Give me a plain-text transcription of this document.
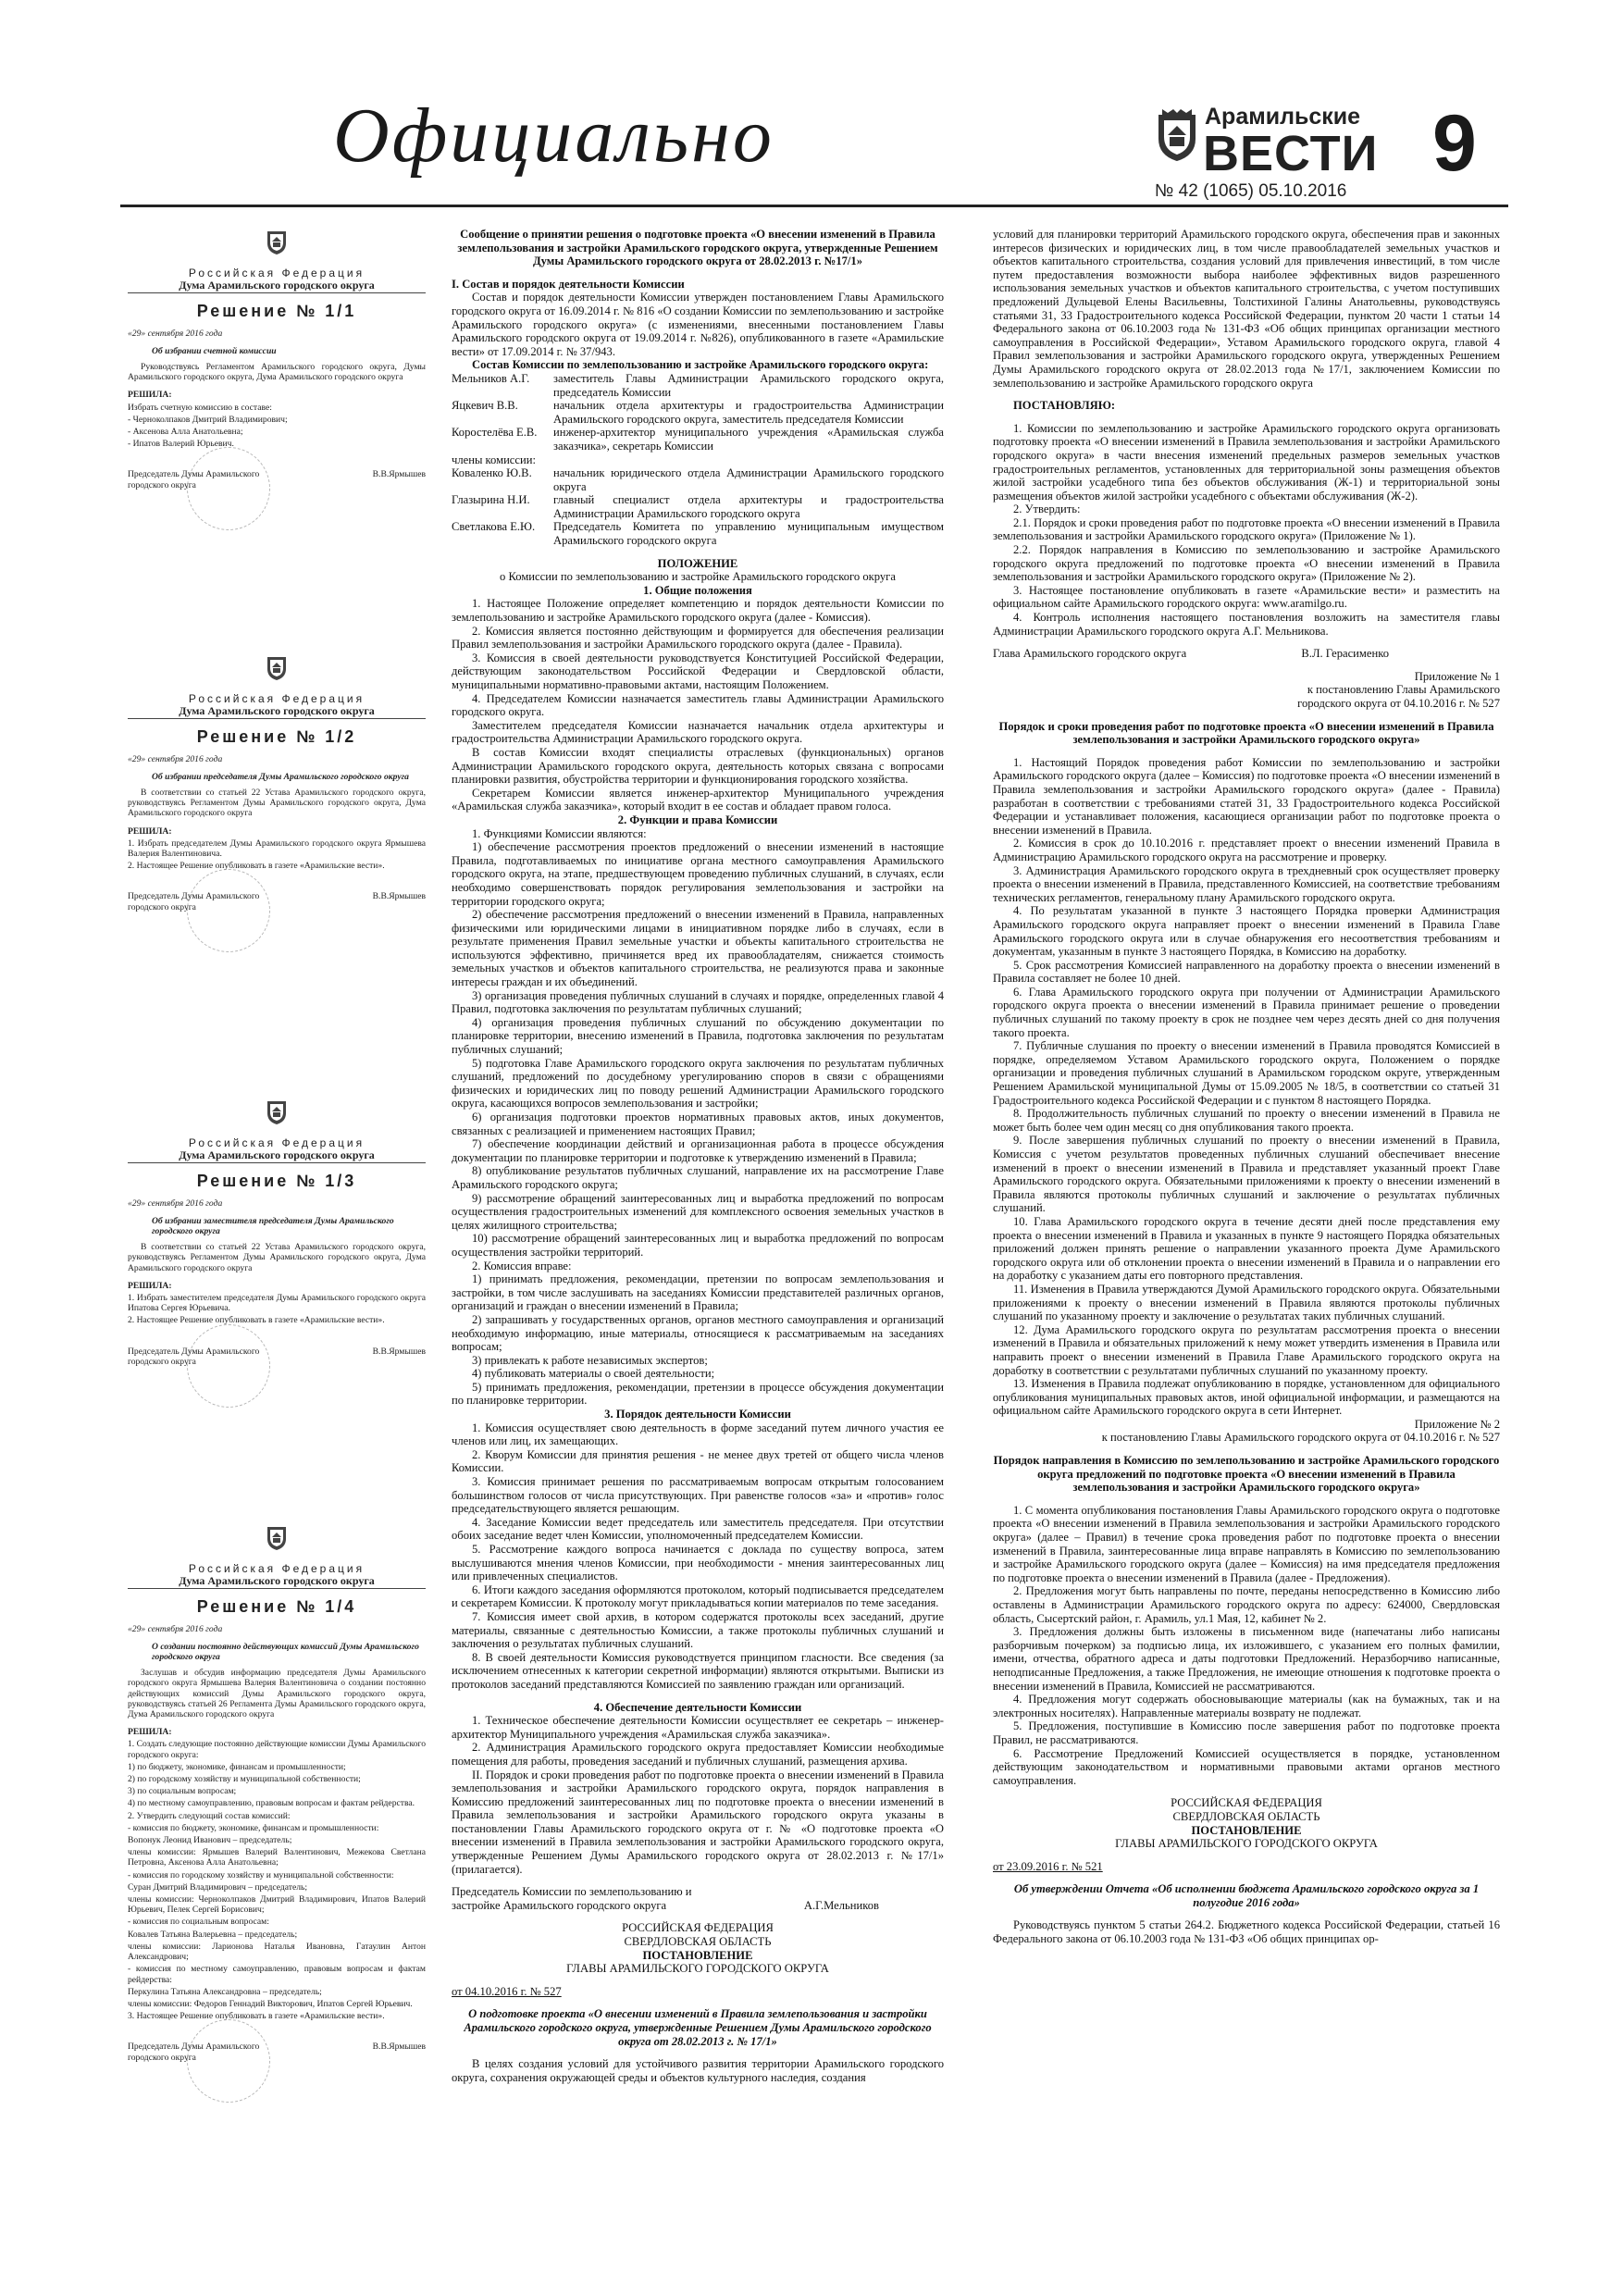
Официально	Арамильские
ВЕСТИ 9
№ 42 (1065) 05.10.2016
Российская Федерация
Дума Арамильского городского округа
Решение № 1/1
«29» сентября 2016 года
Об избрании счетной комиссии

Руководствуясь Регламентом Арамильского городского округа, Думы Арамильского городского округа, Дума Арамильского городского округа

РЕШИЛА:

Избрать счетную комиссию в составе:

- Черноколпаков Дмитрий Владимирович;

- Аксенова Алла Анатольевна;

- Ипатов Валерий Юрьевич.

Председатель Думы Арамильского городского округа
В.В.Ярмышев
Российская Федерация
Дума Арамильского городского округа
Решение № 1/2
«29» сентября 2016 года
Об избрании председателя Думы Арамильского городского округа

В соответствии со статьей 22 Устава Арамильского городского округа, руководствуясь Регламентом Думы Арамильского городского округа, Дума Арамильского городского округа

РЕШИЛА:

1. Избрать председателем Думы Арамильского городского округа Ярмышева Валерия Валентиновича.

2. Настоящее Решение опубликовать в газете «Арамильские вести».

Председатель Думы Арамильского городского округа
В.В.Ярмышев
Российская Федерация
Дума Арамильского городского округа
Решение № 1/3
«29» сентября 2016 года
Об избрании заместителя председателя Думы Арамильского городского округа

В соответствии со статьей 22 Устава Арамильского городского округа, руководствуясь Регламентом Думы Арамильского городского округа, Дума Арамильского городского округа

РЕШИЛА:

1. Избрать заместителем председателя Думы Арамильского городского округа Ипатова Сергея Юрьевича.

2. Настоящее Решение опубликовать в газете «Арамильские вести».

Председатель Думы Арамильского городского округа
В.В.Ярмышев
Российская Федерация
Дума Арамильского городского округа
Решение № 1/4
«29» сентября 2016 года
О создании постоянно действующих комиссий Думы Арамильского городского округа

Заслушав и обсудив информацию председателя Думы Арамильского городского округа Ярмышева Валерия Валентиновича о создании постоянно действующих комиссий Думы Арамильского городского округа, руководствуясь статьей 26 Регламента Думы Арамильского городского округа, Дума Арамильского городского округа

РЕШИЛА:

1. Создать следующие постоянно действующие комиссии Думы Арамильского городского округа:

1) по бюджету, экономике, финансам и промышленности;

2) по городскому хозяйству и муниципальной собственности;

3) по социальным вопросам;

4) по местному самоуправлению, правовым вопросам и фактам рейдерства.

2. Утвердить следующий состав комиссий:

- комиссия по бюджету, экономике, финансам и промышленности:

Вопонук Леонид Иванович – председатель;

члены комиссии: Ярмышев Валерий Валентинович, Межекова Светлана Петровна, Аксенова Алла Анатольевна;

- комиссия по городскому хозяйству и муниципальной собственности:

Суран Дмитрий Владимирович – председатель;

члены комиссии: Черноколпаков Дмитрий Владимирович, Ипатов Валерий Юрьевич, Пелек Сергей Борисович;

- комиссия по социальным вопросам:

Ковалев Татьяна Валерьевна – председатель;

члены комиссии: Ларионова Наталья Ивановна, Гатаулин Антон Александрович;

- комиссия по местному самоуправлению, правовым вопросам и фактам рейдерства:

Перкулина Татьяна Александровна – председатель;

члены комиссии: Федоров Геннадий Викторович, Ипатов Сергей Юрьевич.

3. Настоящее Решение опубликовать в газете «Арамильские вести».

Председатель Думы Арамильского городского округа
В.В.Ярмышев

Сообщение о принятии решения о подготовке проекта «О внесении изменений в Правила землепользования и застройки Арамильского городского округа, утвержденные Решением Думы Арамильского городского округа от 28.02.2013 г. №17/1»

I. Состав и порядок деятельности Комиссии

Состав и порядок деятельности Комиссии утвержден постановлением Главы Арамильского городского округа от 16.09.2014 г. № 816 «О создании Комиссии по землепользованию и застройке Арамильского городского округа» (с изменениями, внесенными постановлением Главы Арамильского городского округа от 19.09.2014 г. №826), опубликованного в газете «Арамильские вести» от 17.09.2014 г. № 37/943.

Состав Комиссии по землепользованию и застройке Арамильского городского округа:

Мельников А.Г.	заместитель Главы Администрации Арамильского городского округа, председатель Комиссии
Яцкевич В.В.	начальник отдела архитектуры и градостроительства Администрации Арамильского городского округа, заместитель председателя Комиссии
Коростелёва Е.В.	инженер-архитектор муниципального учреждения «Арамильская служба заказчика», секретарь Комиссии
члены комиссии:
Коваленко Ю.В.	начальник юридического отдела Администрации Арамильского городского округа
Глазырина Н.И.	главный специалист отдела архитектуры и градостроительства Администрации Арамильского городского округа
Светлакова Е.Ю.	Председатель Комитета по управлению муниципальным имуществом Арамильского городского округа

ПОЛОЖЕНИЕ

о Комиссии по землепользованию и застройке Арамильского городского округа

1. Общие положения

1. Настоящее Положение определяет компетенцию и порядок деятельности Комиссии по землепользованию и застройке Арамильского городского округа (далее - Комиссия).

2. Комиссия является постоянно действующим и формируется для обеспечения реализации Правил землепользования и застройки Арамильского городского округа (далее - Правила).

3. Комиссия в своей деятельности руководствуется Конституцией Российской Федерации, действующим законодательством Российской Федерации и Свердловской области, муниципальными нормативно-правовыми актами, настоящим Положением.

4. Председателем Комиссии назначается заместитель главы Администрации Арамильского городского округа.

Заместителем председателя Комиссии назначается начальник отдела архитектуры и градостроительства Администрации Арамильского городского округа.

В состав Комиссии входят специалисты отраслевых (функциональных) органов Администрации Арамильского городского округа, деятельность которых связана с вопросами планировки развития, обустройства территории и функционирования городского хозяйства.

Секретарем Комиссии является инженер-архитектор Муниципального учреждения «Арамильская служба заказчика», который входит в ее состав и обладает правом голоса.

2. Функции и права Комиссии

1. Функциями Комиссии являются:

1) обеспечение рассмотрения проектов предложений о внесении изменений в настоящие Правила, подготавливаемых по инициативе органа местного самоуправления Арамильского городского округа, на этапе, предшествующем проведению публичных слушаний, в случаях, если необходимо совершенствовать порядок регулирования землепользования и застройки на территории городского округа;

2) обеспечение рассмотрения предложений о внесении изменений в Правила, направленных физическими или юридическими лицами в инициативном порядке либо в случаях, если в результате применения Правил земельные участки и объекты капитального строительства не используются эффективно, причиняется вред их правообладателям, снижается стоимость земельных участков и объектов капитального строительства, не реализуются права и законные интересы граждан и их объединений.

3) организация проведения публичных слушаний в случаях и порядке, определенных главой 4 Правил, подготовка заключения по результатам публичных слушаний;

4) организация проведения публичных слушаний по обсуждению документации по планировке территории, внесению изменений в Правила, подготовка заключения по результатам публичных слушаний;

5) подготовка Главе Арамильского городского округа заключения по результатам публичных слушаний, предложений по досудебному урегулированию споров в связи с обращениями физических и юридических лиц по поводу решений Администрации Арамильского городского округа, касающихся вопросов землепользования и застройки;

6) организация подготовки проектов нормативных правовых актов, иных документов, связанных с реализацией и применением настоящих Правил;

7) обеспечение координации действий и организационная работа в процессе обсуждения документации по планировке территории и подготовке к утверждению изменений в Правила;

8) опубликование результатов публичных слушаний, направление их на рассмотрение Главе Арамильского городского округа;

9) рассмотрение обращений заинтересованных лиц и выработка предложений по вопросам осуществления градостроительных изменений для комплексного освоения земельных участков в целях жилищного строительства;

10) рассмотрение обращений заинтересованных лиц и выработка предложений по вопросам осуществления застройки территорий.

2. Комиссия вправе:

1) принимать предложения, рекомендации, претензии по вопросам землепользования и застройки, в том числе заслушивать на заседаниях Комиссии представителей различных органов, организаций и граждан о внесении изменений в Правила;

2) запрашивать у государственных органов, органов местного самоуправления и организаций необходимую информацию, иные материалы, относящиеся к рассматриваемым на заседаниях вопросам;

3) привлекать к работе независимых экспертов;

4) публиковать материалы о своей деятельности;

5) принимать предложения, рекомендации, претензии в процессе обсуждения документации по планировке территории.

3. Порядок деятельности Комиссии

1. Комиссия осуществляет свою деятельность в форме заседаний путем личного участия ее членов или лиц, их замещающих.

2. Кворум Комиссии для принятия решения - не менее двух третей от общего числа членов Комиссии.

3. Комиссия принимает решения по рассматриваемым вопросам открытым голосованием большинством голосов от числа присутствующих. При равенстве голосов «за» и «против» голос председательствующего является решающим.

4. Заседание Комиссии ведет председатель или заместитель председателя. При отсутствии обоих заседание ведет член Комиссии, уполномоченный председателем Комиссии.

5. Рассмотрение каждого вопроса начинается с доклада по существу вопроса, затем выслушиваются мнения членов Комиссии, при необходимости - мнения заинтересованных лиц или привлеченных специалистов.

6. Итоги каждого заседания оформляются протоколом, который подписывается председателем и секретарем Комиссии. К протоколу могут прикладываться копии материалов по теме заседания.

7. Комиссия имеет свой архив, в котором содержатся протоколы всех заседаний, другие материалы, связанные с деятельностью Комиссии, а также протоколы публичных слушаний и заключения о результатах публичных слушаний.

8. В своей деятельности Комиссия руководствуется принципом гласности. Все сведения (за исключением отнесенных к категории секретной информации) являются открытыми. Выписки из протоколов заседаний представляются Комиссией по заявлению граждан или организаций.

4. Обеспечение деятельности Комиссии

1. Техническое обеспечение деятельности Комиссии осуществляет ее секретарь – инженер-архитектор Муниципального учреждения «Арамильская служба заказчика».

2. Администрация Арамильского городского округа предоставляет Комиссии необходимые помещения для работы, проведения заседаний и публичных слушаний, размещения архива.

II. Порядок и сроки проведения работ по подготовке проекта о внесении изменений в Правила землепользования и застройки Арамильского городского округа, порядок направления в Комиссию предложений заинтересованных лиц по подготовке проекта о внесении изменений в Правила землепользования и застройки Арамильского городского округа указаны в постановлении Главы Арамильского городского округа от г. № «О подготовке проекта «О внесении изменений в Правила землепользования и застройки Арамильского городского округа, утвержденные Решением Думы Арамильского городского округа от 28.02.2013 г. №17/1» (прилагается).

Председатель Комиссии по землепользованию и застройке Арамильского городского округа	А.Г.Мельников

РОССИЙСКАЯ ФЕДЕРАЦИЯ

СВЕРДЛОВСКАЯ ОБЛАСТЬ

ПОСТАНОВЛЕНИЕ

ГЛАВЫ АРАМИЛЬСКОГО ГОРОДСКОГО ОКРУГА

от 04.10.2016 г. № 527

О подготовке проекта «О внесении изменений в Правила землепользования и застройки Арамильского городского округа, утвержденные Решением Думы Арамильского городского округа от 28.02.2013 г. № 17/1»

В целях создания условий для устойчивого развития территории Арамильского городского округа, сохранения окружающей среды и объектов культурного наследия, создания

условий для планировки территорий Арамильского городского округа, обеспечения прав и законных интересов физических и юридических лиц, в том числе правообладателей земельных участков и объектов капитального строительства, создания условий для привлечения инвестиций, в том числе путем предоставления возможности выбора наиболее эффективных видов разрешенного использования земельных участков и объектов капитального строительства, с учетом поступивших предложений Дульцевой Елены Васильевны, Толстихиной Галины Анатольевны, руководствуясь статьями 31, 33 Градостроительного кодекса Российской Федерации, пунктом 20 части 1 статьи 14 Федерального закона от 06.10.2003 года № 131-ФЗ «Об общих принципах организации местного самоуправления в Российской Федерации», Уставом Арамильского городского округа, главой 4 Правил землепользования и застройки Арамильского городского округа, утвержденных Решением Думы Арамильского городского округа от 28.02.2013 года №17/1, заключением Комиссии по землепользованию и застройке Арамильского городского округа

ПОСТАНОВЛЯЮ:

1. Комиссии по землепользованию и застройке Арамильского городского округа организовать подготовку проекта «О внесении изменений в Правила землепользования и застройки Арамильского городского округа» в части внесения изменений предельных размеров земельных участков градостроительных регламентов, установленных для территориальной зоны размещения объектов жилой застройки усадебного типа без объектов обслуживания (Ж-1) и территориальной зоны размещения объектов жилой застройки усадебного с объектами обслуживания (Ж-2).

2. Утвердить:

2.1. Порядок и сроки проведения работ по подготовке проекта «О внесении изменений в Правила землепользования и застройки Арамильского городского округа» (Приложение № 1).

2.2. Порядок направления в Комиссию по землепользованию и застройке Арамильского городского округа предложений по подготовке проекта «О внесении изменений в Правила землепользования и застройки Арамильского городского округа» (Приложение № 2).

3. Настоящее постановление опубликовать в газете «Арамильские вести» и разместить на официальном сайте Арамильского городского округа: www.aramilgo.ru.

4. Контроль исполнения настоящего постановления возложить на заместителя главы Администрации Арамильского городского округа А.Г. Мельникова.

Глава Арамильского городского округа	В.Л. Герасименко

Приложение № 1

к постановлению Главы Арамильского

городского округа от 04.10.2016 г. № 527

Порядок и сроки проведения работ по подготовке проекта «О внесении изменений в Правила землепользования и застройки Арамильского городского округа»

1. Настоящий Порядок проведения работ Комиссии по землепользованию и застройки Арамильского городского округа (далее – Комиссия) по подготовке проекта «О внесении изменений в Правила землепользования и застройки Арамильского городского округа» (далее - Правила) разработан в соответствии с требованиями статей 31, 33 Градостроительного кодекса Российской Федерации и устанавливает положения, касающиеся организации работ по подготовке проекта о внесении изменений в Правила.

2. Комиссия в срок до 10.10.2016 г. представляет проект о внесении изменений Правила в Администрацию Арамильского городского округа на рассмотрение и проверку.

3. Администрация Арамильского городского округа в трехдневный срок осуществляет проверку проекта о внесении изменений в Правила, представленного Комиссией, на соответствие требованиям технических регламентов, генеральному плану Арамильского городского округа.

4. По результатам указанной в пункте 3 настоящего Порядка проверки Администрация Арамильского городского округа направляет проект о внесении изменений в Правила Главе Арамильского городского округа или в случае обнаружения его несоответствия требованиям и документам, указанным в пункте 3 настоящего Порядка, в Комиссию на доработку.

5. Срок рассмотрения Комиссией направленного на доработку проекта о внесении изменений в Правила составляет не более 10 дней.

6. Глава Арамильского городского округа при получении от Администрации Арамильского городского округа проекта о внесении изменений в Правила принимает решение о проведении публичных слушаний по такому проекту в срок не позднее чем через десять дней со дня получения такого проекта.

7. Публичные слушания по проекту о внесении изменений в Правила проводятся Комиссией в порядке, определяемом Уставом Арамильского городского округа, Положением о порядке организации и проведения публичных слушаний в Арамильском городском округе, утвержденным Решением Арамильской муниципальной Думы от 15.09.2005 № 18/5, в соответствии со статьей 31 Градостроительного кодекса Российской Федерации и с пунктом 8 настоящего Порядка.

8. Продолжительность публичных слушаний по проекту о внесении изменений в Правила не может быть более чем один месяц со дня опубликования такого проекта.

9. После завершения публичных слушаний по проекту о внесении изменений в Правила, Комиссия с учетом результатов проведенных публичных слушаний обеспечивает внесение изменений в проект о внесении изменений в Правила и представляет указанный проект Главе Арамильского городского округа. Обязательными приложениями к проекту о внесении изменений в Правила являются протоколы публичных слушаний и заключение о результатах публичных слушаний.

10. Глава Арамильского городского округа в течение десяти дней после представления ему проекта о внесении изменений в Правила и указанных в пункте 9 настоящего Порядка обязательных приложений должен принять решение о направлении указанного проекта Думе Арамильского городского округа или об отклонении проекта о внесении изменений в Правила и о направлении его на доработку с указанием даты его повторного представления.

11. Изменения в Правила утверждаются Думой Арамильского городского округа. Обязательными приложениями к проекту о внесении изменений в Правила являются протоколы публичных слушаний по указанному проекту и заключение о результатах таких публичных слушаний.

12. Дума Арамильского городского округа по результатам рассмотрения проекта о внесении изменений в Правила и обязательных приложений к нему может утвердить изменения в Правила или направить проект о внесении изменений в Правила Главе Арамильского городского округа на доработку в соответствии с результатами публичных слушаний по указанному проекту.

13. Изменения в Правила подлежат опубликованию в порядке, установленном для официального опубликования муниципальных правовых актов, иной официальной информации, и размещаются на официальном сайте Арамильского городского округа в сети Интернет.

Приложение № 2

к постановлению Главы Арамильского городского округа от 04.10.2016 г. № 527

Порядок направления в Комиссию по землепользованию и застройке Арамильского городского округа предложений по подготовке проекта «О внесении изменений в Правила землепользования и застройки Арамильского городского округа»

1. С момента опубликования постановления Главы Арамильского городского округа о подготовке проекта «О внесении изменений в Правила землепользования и застройки Арамильского городского округа» (далее – Правил) в течение срока проведения работ по подготовке проекта о внесении изменений в Правила, заинтересованные лица вправе направлять в Комиссию по землепользованию и застройке Арамильского городского округа (далее – Комиссия) на имя председателя предложения по подготовке проекта о внесении изменений в Правила (далее - Предложения).

2. Предложения могут быть направлены по почте, переданы непосредственно в Комиссию либо оставлены в Администрации Арамильского городского округа по адресу: 624000, Свердловская область, Сысертский район, г. Арамиль, ул.1 Мая, 12, кабинет № 2.

3. Предложения должны быть изложены в письменном виде (напечатаны либо написаны разборчивым почерком) за подписью лица, их изложившего, с указанием его полных фамилии, имени, отчества, обратного адреса и даты подготовки Предложений. Неразборчиво написанные, неподписанные Предложения, а также Предложения, не имеющие отношения к подготовке проекта о внесении изменений в Правила, Комиссией не рассматриваются.

4. Предложения могут содержать обосновывающие материалы (как на бумажных, так и на электронных носителях). Направленные материалы возврату не подлежат.

5. Предложения, поступившие в Комиссию после завершения работ по подготовке проекта Правил, не рассматриваются.

6. Рассмотрение Предложений Комиссией осуществляется в порядке, установленном действующим законодательством и нормативными правовыми актами органов местного самоуправления.

РОССИЙСКАЯ ФЕДЕРАЦИЯ

СВЕРДЛОВСКАЯ ОБЛАСТЬ

ПОСТАНОВЛЕНИЕ

ГЛАВЫ АРАМИЛЬСКОГО ГОРОДСКОГО ОКРУГА

от 23.09.2016 г. № 521

Об утверждении Отчета «Об исполнении бюджета Арамильского городского округа за 1 полугодие 2016 года»

Руководствуясь пунктом 5 статьи 264.2. Бюджетного кодекса Российской Федерации, статьей 16 Федерального закона от 06.10.2003 года № 131-ФЗ «Об общих принципах ор-
